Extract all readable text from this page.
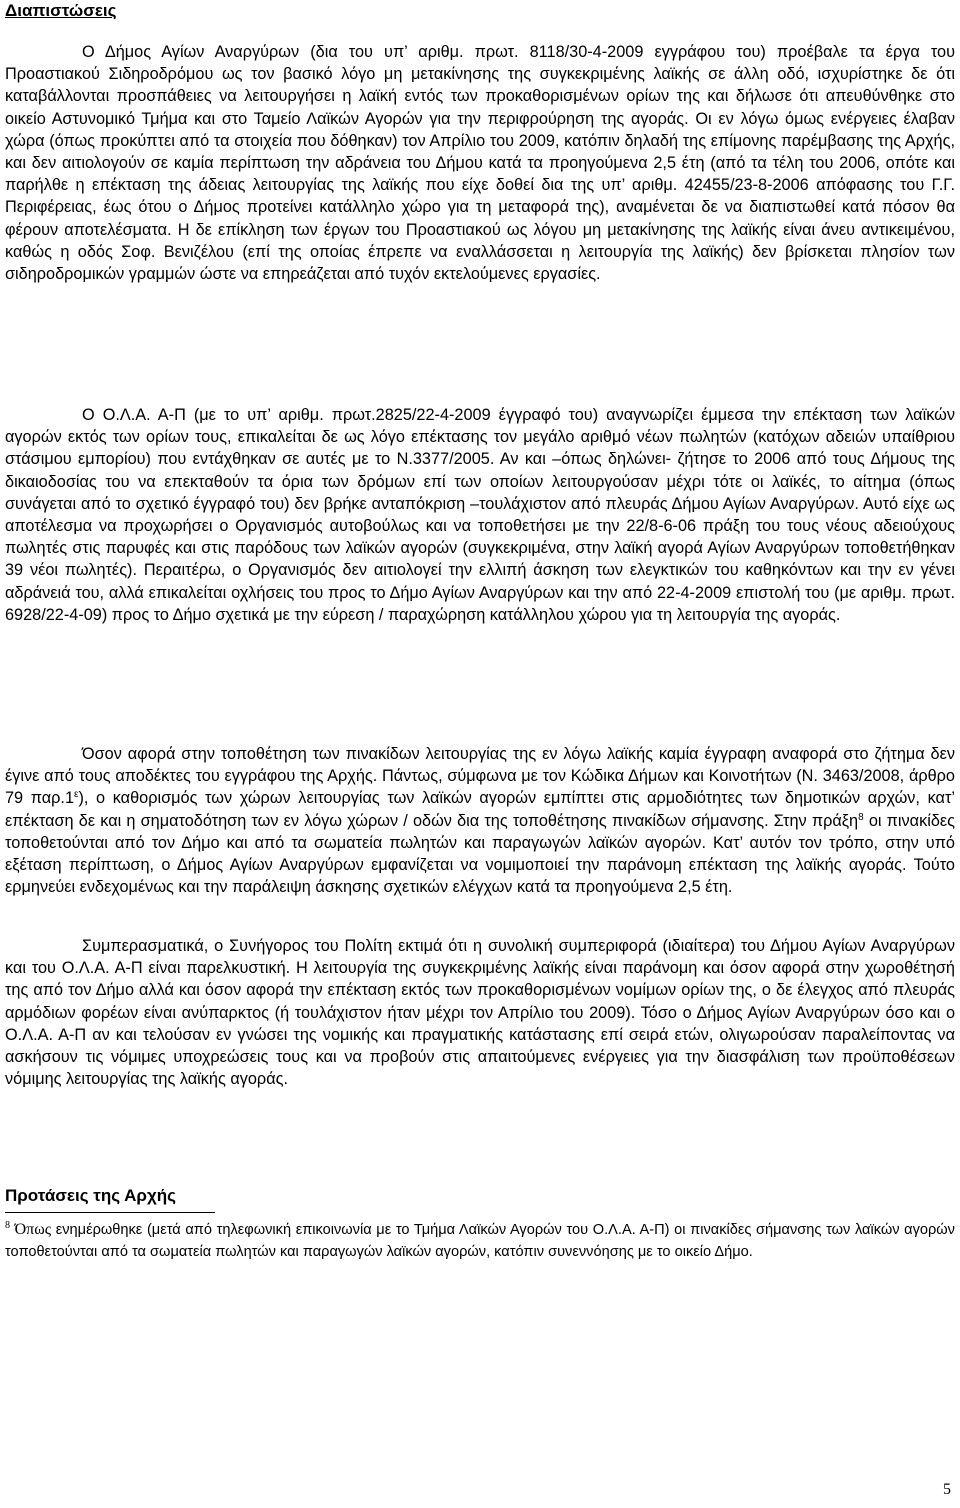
Διαπιστώσεις

Ο Δήμος Αγίων Αναργύρων (δια του υπ’ αριθμ. πρωτ. 8118/30-4-2009 εγγράφου του) προέβαλε τα έργα του Προαστιακού Σιδηροδρόμου ως τον βασικό λόγο μη μετακίνησης της συγκεκριμένης λαϊκής σε άλλη οδό, ισχυρίστηκε δε ότι καταβάλλονται προσπάθειες να λειτουργήσει η λαϊκή εντός των προκαθορισμένων ορίων της και δήλωσε ότι απευθύνθηκε στο οικείο Αστυνομικό Τμήμα και στο Ταμείο Λαϊκών Αγορών για την περιφρούρηση της αγοράς. Οι εν λόγω όμως ενέργειες έλαβαν χώρα (όπως προκύπτει από τα στοιχεία που δόθηκαν) τον Απρίλιο του 2009, κατόπιν δηλαδή της επίμονης παρέμβασης της Αρχής, και δεν αιτιολογούν σε καμία περίπτωση την αδράνεια του Δήμου κατά τα προηγούμενα 2,5 έτη (από τα τέλη του 2006, οπότε και παρήλθε η επέκταση της άδειας λειτουργίας της λαϊκής που είχε δοθεί δια της υπ’ αριθμ. 42455/23-8-2006 απόφασης του Γ.Γ. Περιφέρειας, έως ότου ο Δήμος προτείνει κατάλληλο χώρο για τη μεταφορά της), αναμένεται δε να διαπιστωθεί κατά πόσον θα φέρουν αποτελέσματα. Η δε επίκληση των έργων του Προαστιακού ως λόγου μη μετακίνησης της λαϊκής είναι άνευ αντικειμένου, καθώς η οδός Σοφ. Βενιζέλου (επί της οποίας έπρεπε να εναλλάσσεται η λειτουργία της λαϊκής) δεν βρίσκεται πλησίον των σιδηροδρομικών γραμμών ώστε να επηρεάζεται από τυχόν εκτελούμενες εργασίες.

Ο Ο.Λ.Α. Α-Π (με το υπ’ αριθμ. πρωτ.2825/22-4-2009 έγγραφό του) αναγνωρίζει έμμεσα την επέκταση των λαϊκών αγορών εκτός των ορίων τους, επικαλείται δε ως λόγο επέκτασης τον μεγάλο αριθμό νέων πωλητών (κατόχων αδειών υπαίθριου στάσιμου εμπορίου) που εντάχθηκαν σε αυτές με το Ν.3377/2005. Αν και –όπως δηλώνει- ζήτησε το 2006 από τους Δήμους της δικαιοδοσίας του να επεκταθούν τα όρια των δρόμων επί των οποίων λειτουργούσαν μέχρι τότε οι λαϊκές, το αίτημα (όπως συνάγεται από το σχετικό έγγραφό του) δεν βρήκε ανταπόκριση –τουλάχιστον από πλευράς Δήμου Αγίων Αναργύρων. Αυτό είχε ως αποτέλεσμα να προχωρήσει ο Οργανισμός αυτοβούλως και να τοποθετήσει με την 22/8-6-06 πράξη του τους νέους αδειούχους πωλητές στις παρυφές και στις παρόδους των λαϊκών αγορών (συγκεκριμένα, στην λαϊκή αγορά Αγίων Αναργύρων τοποθετήθηκαν 39 νέοι πωλητές). Περαιτέρω, ο Οργανισμός δεν αιτιολογεί την ελλιπή άσκηση των ελεγκτικών του καθηκόντων και την εν γένει αδράνειά του, αλλά επικαλείται οχλήσεις του προς το Δήμο Αγίων Αναργύρων και την από 22-4-2009 επιστολή του (με αριθμ. πρωτ. 6928/22-4-09) προς το Δήμο σχετικά με την εύρεση / παραχώρηση κατάλληλου χώρου για τη λειτουργία της αγοράς.

Όσον αφορά στην τοποθέτηση των πινακίδων λειτουργίας της εν λόγω λαϊκής καμία έγγραφη αναφορά στο ζήτημα δεν έγινε από τους αποδέκτες του εγγράφου της Αρχής. Πάντως, σύμφωνα με τον Κώδικα Δήμων και Κοινοτήτων (Ν. 3463/2008, άρθρο 79 $\pi\alpha\rho.1^\varepsilon$), ο καθορισμός των χώρων λειτουργίας των λαϊκών αγορών εμπίπτει στις αρμοδιότητες των δημοτικών αρχών, κατ’ επέκταση δε και η σηματοδότηση των εν λόγω χώρων / οδών δια της τοποθέτησης πινακίδων σήμανσης. Στην πράξη$^8$ οι πινακίδες τοποθετούνται από τον Δήμο και από τα σωματεία πωλητών και παραγωγών λαϊκών αγορών. Κατ’ αυτόν τον τρόπο, στην υπό εξέταση περίπτωση, ο Δήμος Αγίων Αναργύρων εμφανίζεται να νομιμοποιεί την παράνομη επέκταση της λαϊκής αγοράς. Τούτο ερμηνεύει ενδεχομένως και την παράλειψη άσκησης σχετικών ελέγχων κατά τα προηγούμενα 2,5 έτη.

Συμπερασματικά, ο Συνήγορος του Πολίτη εκτιμά ότι η συνολική συμπεριφορά (ιδιαίτερα) του Δήμου Αγίων Αναργύρων και του Ο.Λ.Α. Α-Π είναι παρελκυστική. Η λειτουργία της συγκεκριμένης λαϊκής είναι παράνομη και όσον αφορά στην χωροθέτησή της από τον Δήμο αλλά και όσον αφορά την επέκταση εκτός των προκαθορισμένων νομίμων ορίων της, ο δε έλεγχος από πλευράς αρμόδιων φορέων είναι ανύπαρκτος (ή τουλάχιστον ήταν μέχρι τον Απρίλιο του 2009). Τόσο ο Δήμος Αγίων Αναργύρων όσο και ο Ο.Λ.Α. Α-Π αν και τελούσαν εν γνώσει της νομικής και πραγματικής κατάστασης επί σειρά ετών, ολιγωρούσαν παραλείποντας να ασκήσουν τις νόμιμες υποχρεώσεις τους και να προβούν στις απαιτούμενες ενέργειες για την διασφάλιση των προϋποθέσεων νόμιμης λειτουργίας της λαϊκής αγοράς.

Προτάσεις της Αρχής

$^8$ Όπως ενημέρωθηκε (μετά από τηλεφωνική επικοινωνία με το Τμήμα Λαϊκών Αγορών του Ο.Λ.Α. Α-Π) οι πινακίδες σήμανσης των λαϊκών αγορών τοποθετούνται από τα σωματεία πωλητών και παραγωγών λαϊκών αγορών, κατόπιν συνεννόησης με το οικείο Δήμο.

5
